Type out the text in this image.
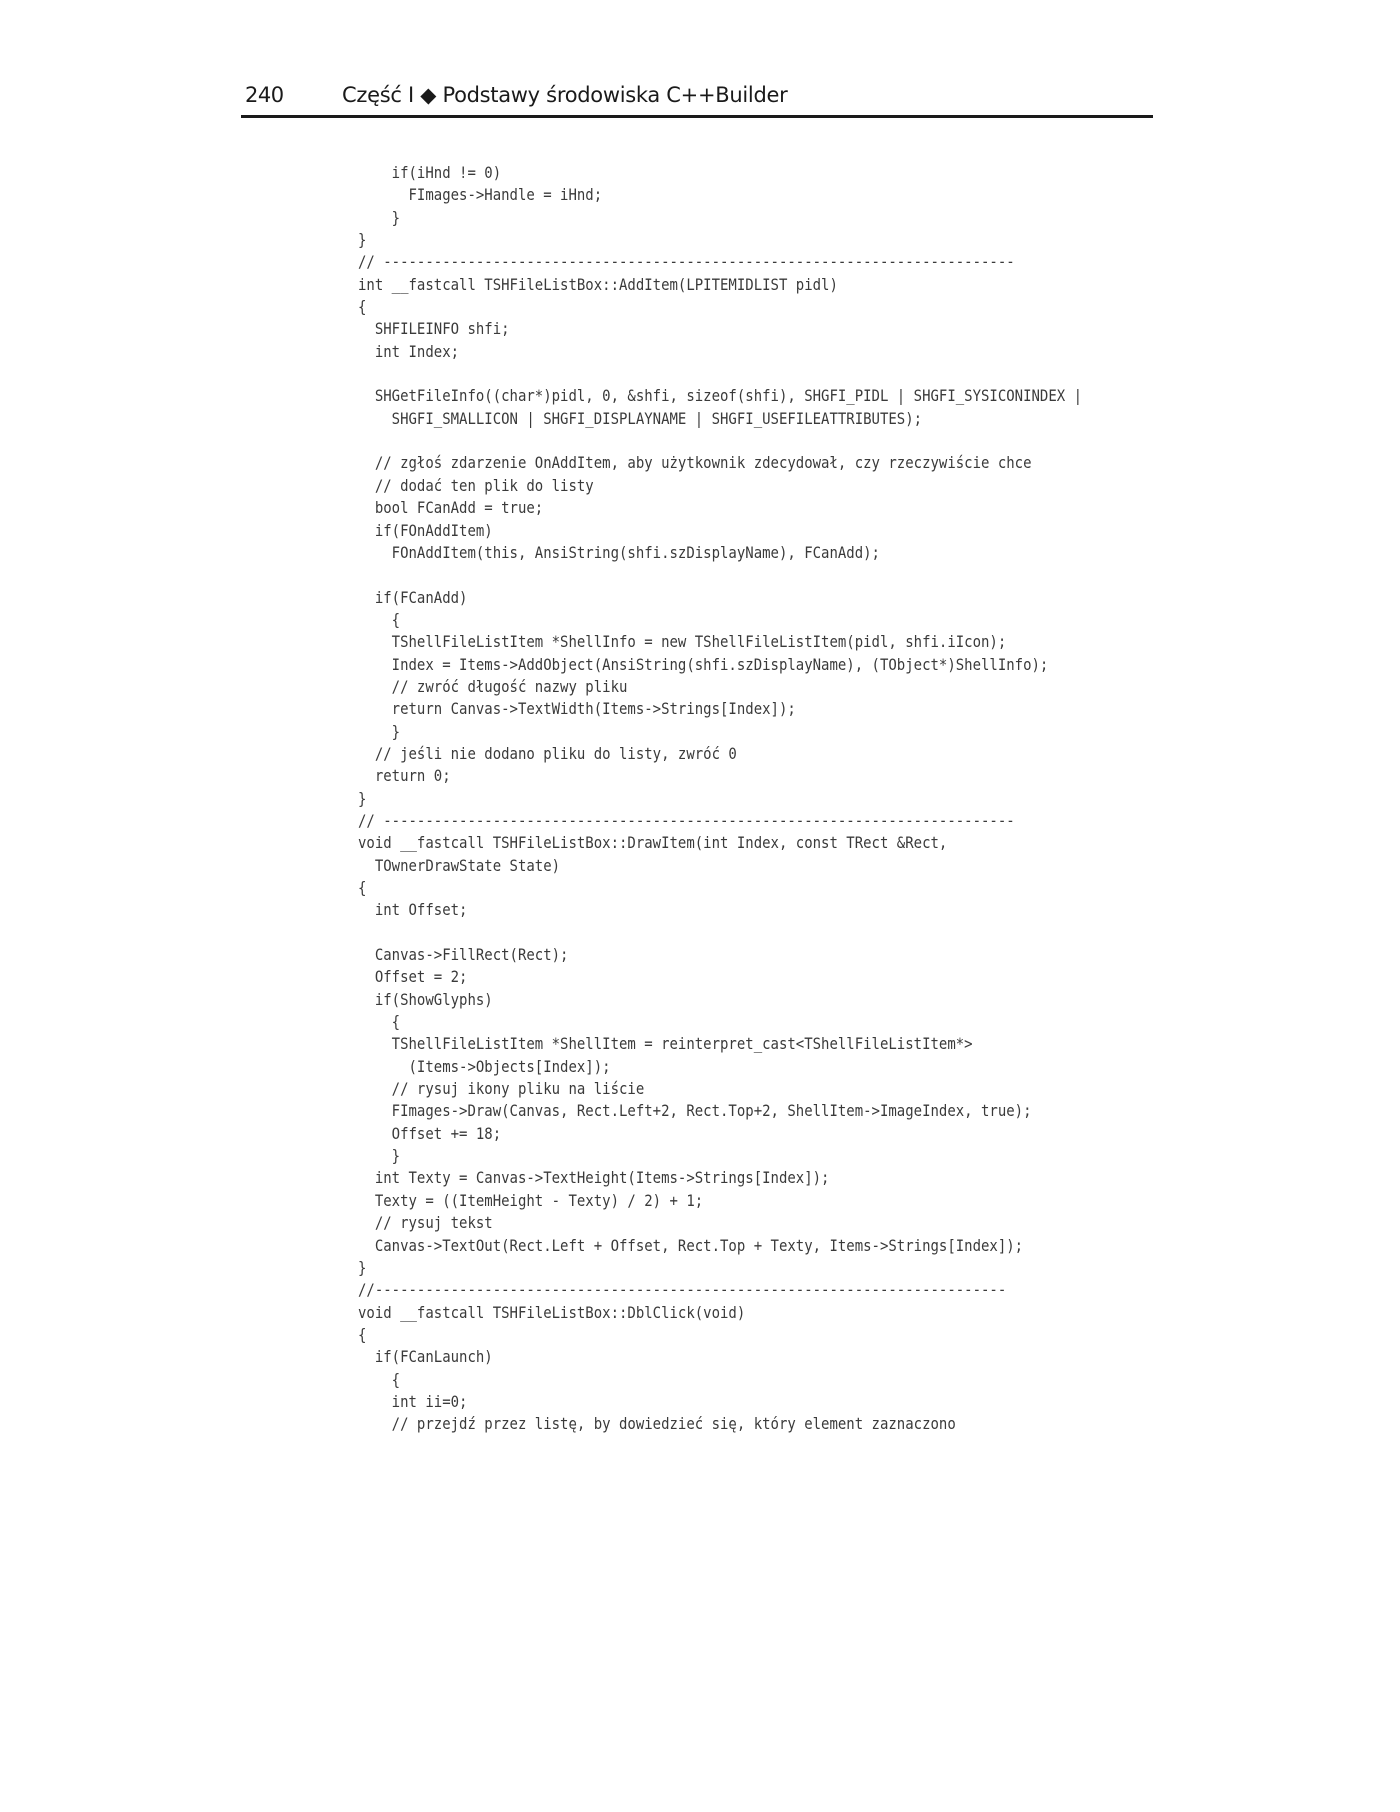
240	Część I ◆ Podstawy środowiska C++Builder
if(iHnd != 0)
FImages->Handle = iHnd;
}
}
// ---------------------------------------------------------------------------
int __fastcall TSHFileListBox::AddItem(LPITEMIDLIST pidl)
{
SHFILEINFO shfi;
int Index;
SHGetFileInfo((char*)pidl, 0, &shfi, sizeof(shfi), SHGFI_PIDL | SHGFI_SYSICONINDEX |
SHGFI_SMALLICON | SHGFI_DISPLAYNAME | SHGFI_USEFILEATTRIBUTES);
// zgłoś zdarzenie OnAddItem, aby użytkownik zdecydował, czy rzeczywiście chce
// dodać ten plik do listy
bool FCanAdd = true;
if(FOnAddItem)
FOnAddItem(this, AnsiString(shfi.szDisplayName), FCanAdd);
if(FCanAdd)
{
TShellFileListItem *ShellInfo = new TShellFileListItem(pidl, shfi.iIcon);
Index = Items->AddObject(AnsiString(shfi.szDisplayName), (TObject*)ShellInfo);
// zwróć długość nazwy pliku
return Canvas->TextWidth(Items->Strings[Index]);
}
// jeśli nie dodano pliku do listy, zwróć 0
return 0;
}
// ---------------------------------------------------------------------------
void __fastcall TSHFileListBox::DrawItem(int Index, const TRect &Rect,
TOwnerDrawState State)
{
int Offset;
Canvas->FillRect(Rect);
Offset = 2;
if(ShowGlyphs)
{
TShellFileListItem *ShellItem = reinterpret_cast<TShellFileListItem*>
(Items->Objects[Index]);
// rysuj ikony pliku na liście
FImages->Draw(Canvas, Rect.Left+2, Rect.Top+2, ShellItem->ImageIndex, true);
Offset += 18;
}
int Texty = Canvas->TextHeight(Items->Strings[Index]);
Texty = ((ItemHeight - Texty) / 2) + 1;
// rysuj tekst
Canvas->TextOut(Rect.Left + Offset, Rect.Top + Texty, Items->Strings[Index]);
}
//---------------------------------------------------------------------------
void __fastcall TSHFileListBox::DblClick(void)
{
if(FCanLaunch)
{
int ii=0;
// przejdź przez listę, by dowiedzieć się, który element zaznaczono
